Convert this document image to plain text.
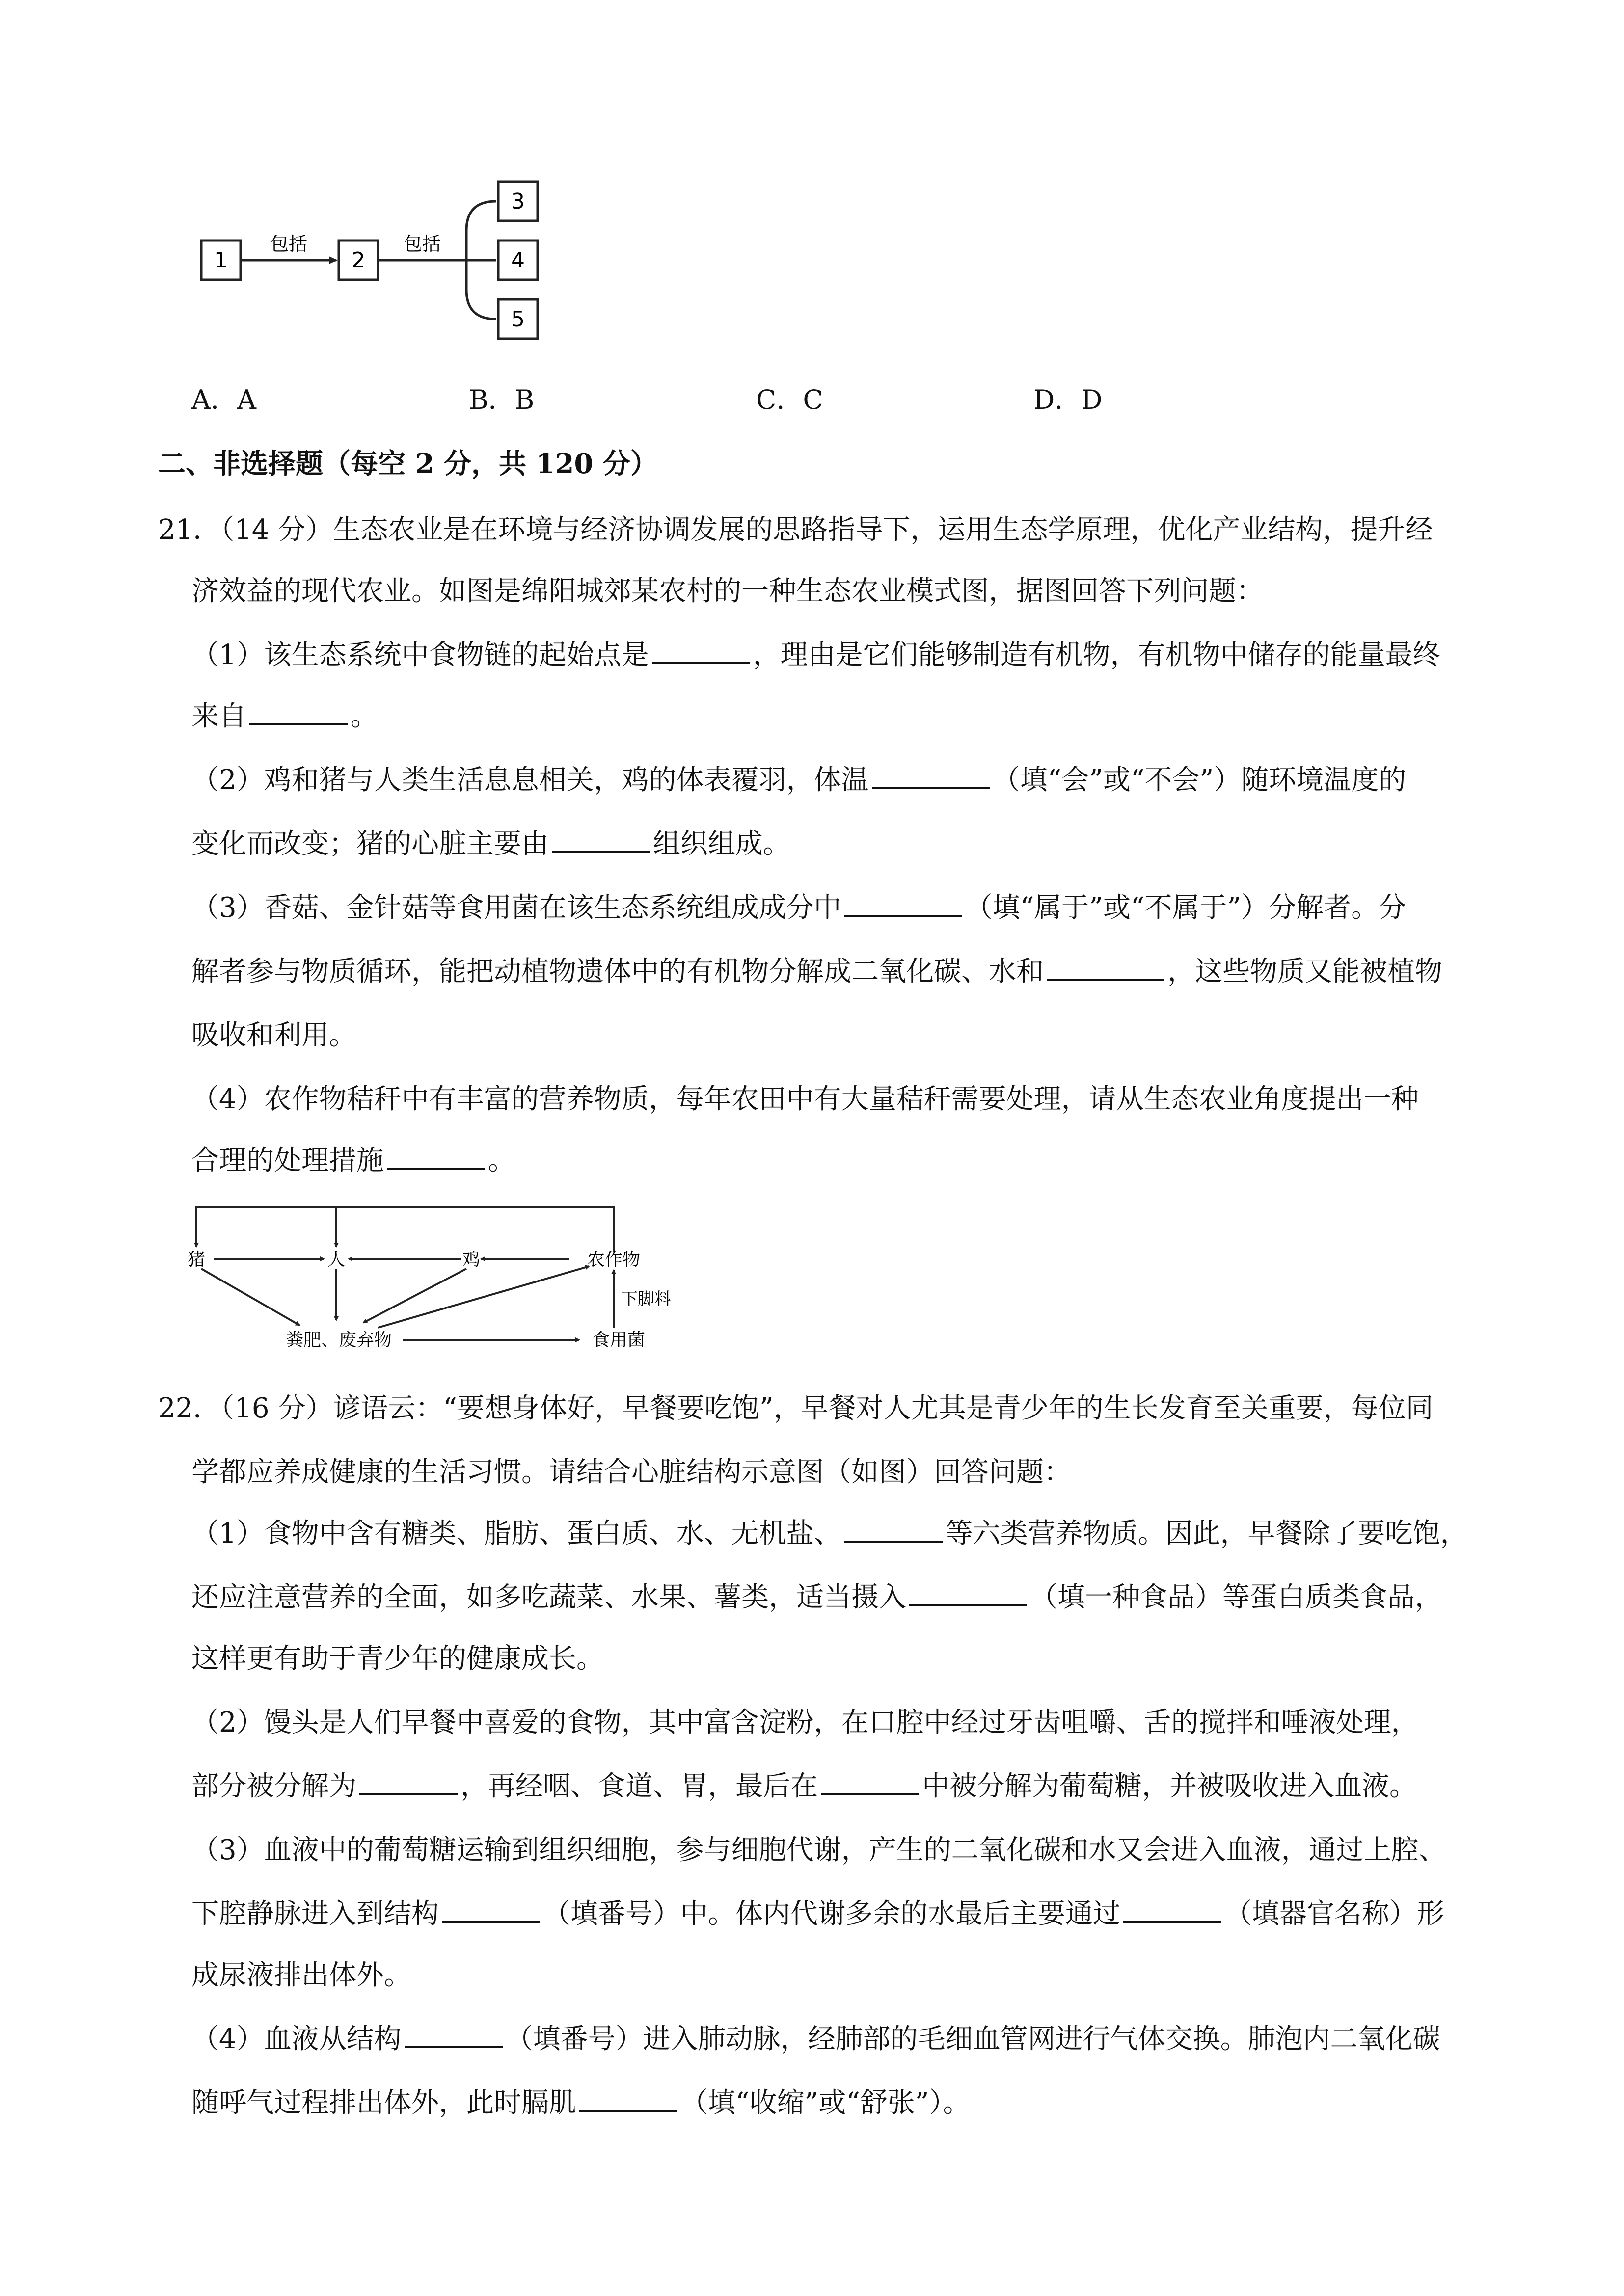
1	2
3
4
5
包括	包括
A．A	B．B	C．C	D．D
二、非选择题（每空 2 分，共 120 分）
21．（14 分）生态农业是在环境与经济协调发展的思路指导下，运用生态学原理，优化产业结构，提升经
济效益的现代农业。如图是绵阳城郊某农村的一种生态农业模式图，据图回答下列问题：
（1）该生态系统中食物链的起始点是	，理由是它们能够制造有机物，有机物中储存的能量最终
来自	。
（2）鸡和猪与人类生活息息相关，鸡的体表覆羽，体温	（填“会”或“不会”）随环境温度的
变化而改变；猪的心脏主要由	组织组成。
（3）香菇、金针菇等食用菌在该生态系统组成成分中	（填“属于”或“不属于”）分解者。分
解者参与物质循环，能把动植物遗体中的有机物分解成二氧化碳、水和	，这些物质又能被植物
吸收和利用。
（4）农作物秸秆中有丰富的营养物质，每年农田中有大量秸秆需要处理，请从生态农业角度提出一种
合理的处理措施	。
猪	人	鸡	农作物
粪肥、废弃物	食用菌
下脚料
22．（16 分）谚语云：“要想身体好，早餐要吃饱”，早餐对人尤其是青少年的生长发育至关重要，每位同
学都应养成健康的生活习惯。请结合心脏结构示意图（如图）回答问题：
（1）食物中含有糖类、脂肪、蛋白质、水、无机盐、	等六类营养物质。因此，早餐除了要吃饱，
还应注意营养的全面，如多吃蔬菜、水果、薯类，适当摄入	（填一种食品）等蛋白质类食品，
这样更有助于青少年的健康成长。
（2）馒头是人们早餐中喜爱的食物，其中富含淀粉，在口腔中经过牙齿咀嚼、舌的搅拌和唾液处理，
部分被分解为	，再经咽、食道、胃，最后在	中被分解为葡萄糖，并被吸收进入血液。
（3）血液中的葡萄糖运输到组织细胞，参与细胞代谢，产生的二氧化碳和水又会进入血液，通过上腔、
下腔静脉进入到结构	（填番号）中。体内代谢多余的水最后主要通过	（填器官名称）形
成尿液排出体外。
（4）血液从结构	（填番号）进入肺动脉，经肺部的毛细血管网进行气体交换。肺泡内二氧化碳
随呼气过程排出体外，此时膈肌	（填“收缩”或“舒张”）。
